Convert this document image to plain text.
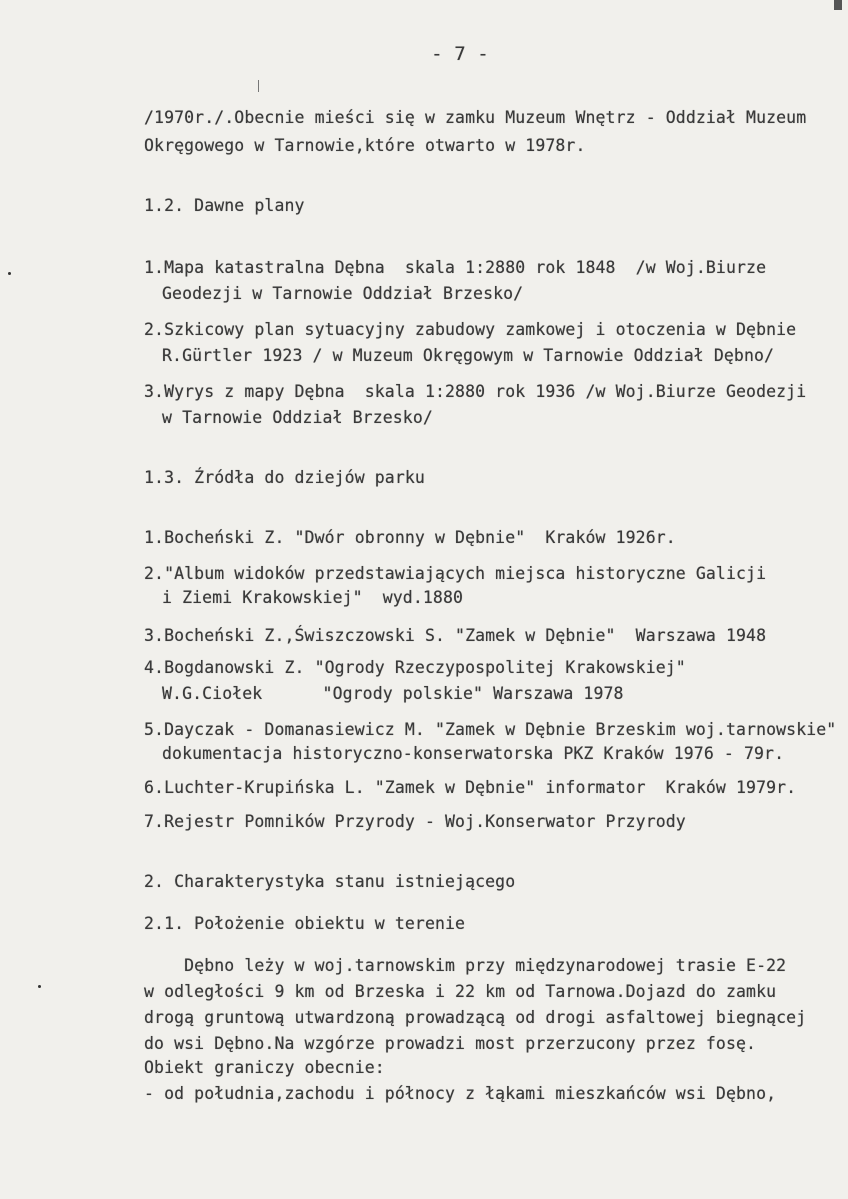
- 7 -
/1970r./.Obecnie mieści się w zamku Muzeum Wnętrz - Oddział Muzeum
Okręgowego w Tarnowie,które otwarto w 1978r.
1.2. Dawne plany
1.Mapa katastralna Dębna  skala 1:2880 rok 1848  /w Woj.Biurze
Geodezji w Tarnowie Oddział Brzesko/
2.Szkicowy plan sytuacyjny zabudowy zamkowej i otoczenia w Dębnie
R.Gürtler 1923 / w Muzeum Okręgowym w Tarnowie Oddział Dębno/
3.Wyrys z mapy Dębna  skala 1:2880 rok 1936 /w Woj.Biurze Geodezji
w Tarnowie Oddział Brzesko/
1.3. Źródła do dziejów parku
1.Bocheński Z. "Dwór obronny w Dębnie"  Kraków 1926r.
2."Album widoków przedstawiających miejsca historyczne Galicji
i Ziemi Krakowskiej"  wyd.1880
3.Bocheński Z.,Świszczowski S. "Zamek w Dębnie"  Warszawa 1948
4.Bogdanowski Z. "Ogrody Rzeczypospolitej Krakowskiej"
W.G.Ciołek      "Ogrody polskie" Warszawa 1978
5.Dayczak - Domanasiewicz M. "Zamek w Dębnie Brzeskim woj.tarnowskie"
dokumentacja historyczno-konserwatorska PKZ Kraków 1976 - 79r.
6.Luchter-Krupińska L. "Zamek w Dębnie" informator  Kraków 1979r.
7.Rejestr Pomników Przyrody - Woj.Konserwator Przyrody
2. Charakterystyka stanu istniejącego
2.1. Położenie obiektu w terenie
Dębno leży w woj.tarnowskim przy międzynarodowej trasie E-22
w odległości 9 km od Brzeska i 22 km od Tarnowa.Dojazd do zamku
drogą gruntową utwardzoną prowadzącą od drogi asfaltowej biegnącej
do wsi Dębno.Na wzgórze prowadzi most przerzucony przez fosę.
Obiekt graniczy obecnie:
- od południa,zachodu i północy z łąkami mieszkańców wsi Dębno,
